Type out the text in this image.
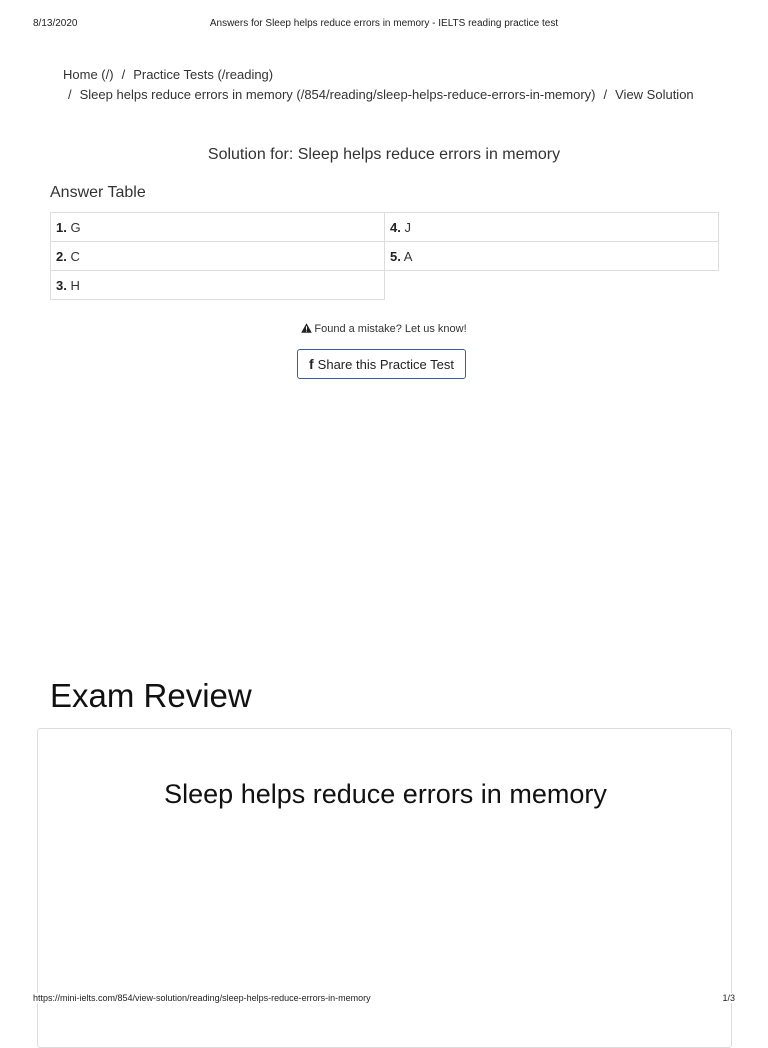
8/13/2020	Answers for Sleep helps reduce errors in memory - IELTS reading practice test
Home (/) / Practice Tests (/reading)
/ Sleep helps reduce errors in memory (/854/reading/sleep-helps-reduce-errors-in-memory) / View Solution
Solution for: Sleep helps reduce errors in memory
Answer Table
1. G	4. J
2. C	5. A
3. H	
Found a mistake? Let us know!
f Share this Practice Test
Exam Review
Sleep helps reduce errors in memory
https://mini-ielts.com/854/view-solution/reading/sleep-helps-reduce-errors-in-memory	1/3
